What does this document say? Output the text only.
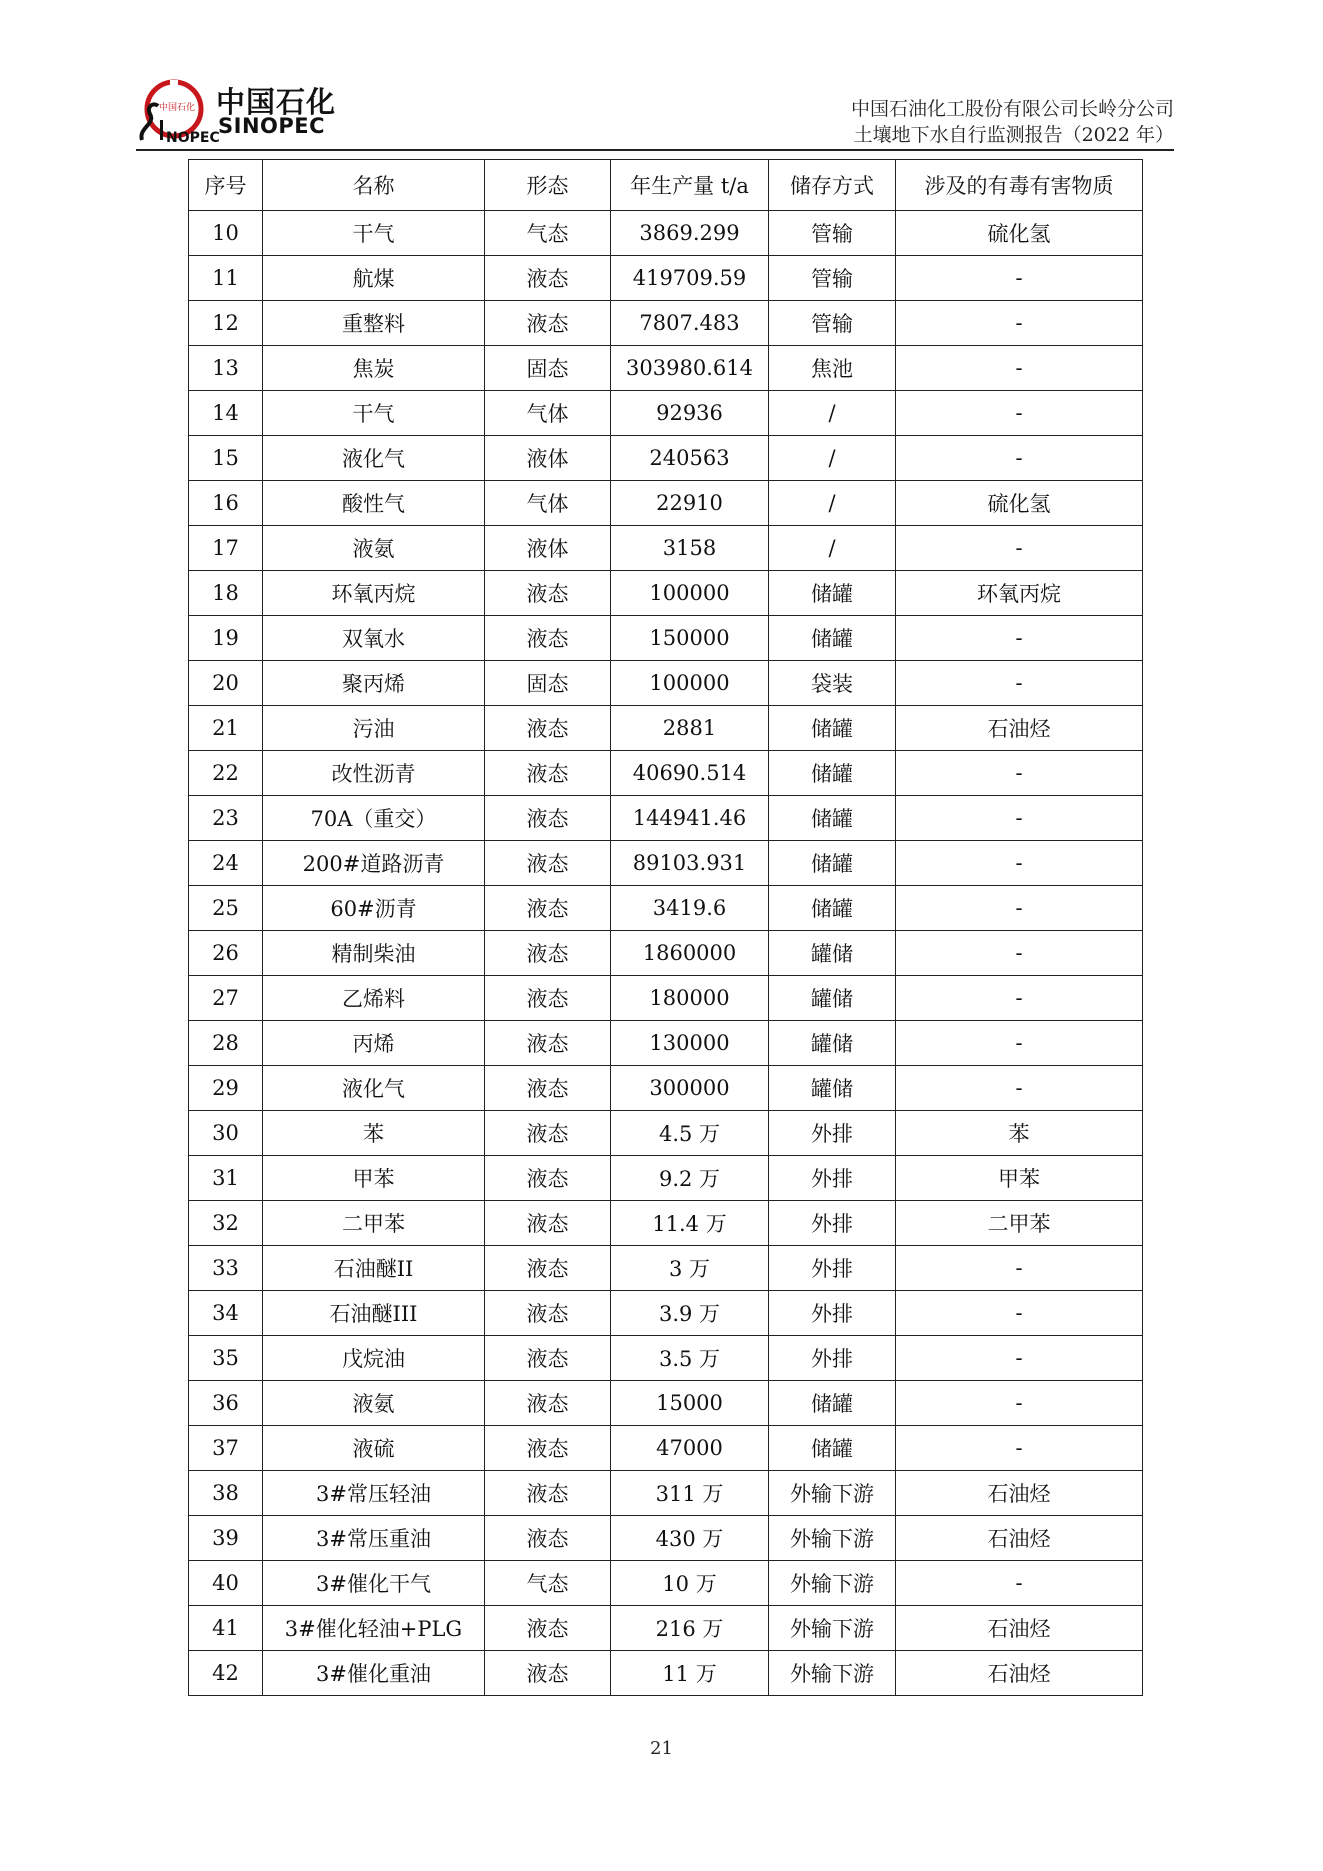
中国石化
NOPEC
中国石化
SINOPEC
中国石油化工股份有限公司长岭分公司
土壤地下水自行监测报告（2022 年）
序号	名称	形态	年生产量 t/a	储存方式	涉及的有毒有害物质
10	干气	气态	3869.299	管输	硫化氢
11	航煤	液态	419709.59	管输	-
12	重整料	液态	7807.483	管输	-
13	焦炭	固态	303980.614	焦池	-
14	干气	气体	92936	/	-
15	液化气	液体	240563	/	-
16	酸性气	气体	22910	/	硫化氢
17	液氨	液体	3158	/	-
18	环氧丙烷	液态	100000	储罐	环氧丙烷
19	双氧水	液态	150000	储罐	-
20	聚丙烯	固态	100000	袋装	-
21	污油	液态	2881	储罐	石油烃
22	改性沥青	液态	40690.514	储罐	-
23	70A（重交）	液态	144941.46	储罐	-
24	200#道路沥青	液态	89103.931	储罐	-
25	60#沥青	液态	3419.6	储罐	-
26	精制柴油	液态	1860000	罐储	-
27	乙烯料	液态	180000	罐储	-
28	丙烯	液态	130000	罐储	-
29	液化气	液态	300000	罐储	-
30	苯	液态	4.5 万	外排	苯
31	甲苯	液态	9.2 万	外排	甲苯
32	二甲苯	液态	11.4 万	外排	二甲苯
33	石油醚II	液态	3 万	外排	-
34	石油醚III	液态	3.9 万	外排	-
35	戊烷油	液态	3.5 万	外排	-
36	液氨	液态	15000	储罐	-
37	液硫	液态	47000	储罐	-
38	3#常压轻油	液态	311 万	外输下游	石油烃
39	3#常压重油	液态	430 万	外输下游	石油烃
40	3#催化干气	气态	10 万	外输下游	-
41	3#催化轻油+PLG	液态	216 万	外输下游	石油烃
42	3#催化重油	液态	11 万	外输下游	石油烃
21
